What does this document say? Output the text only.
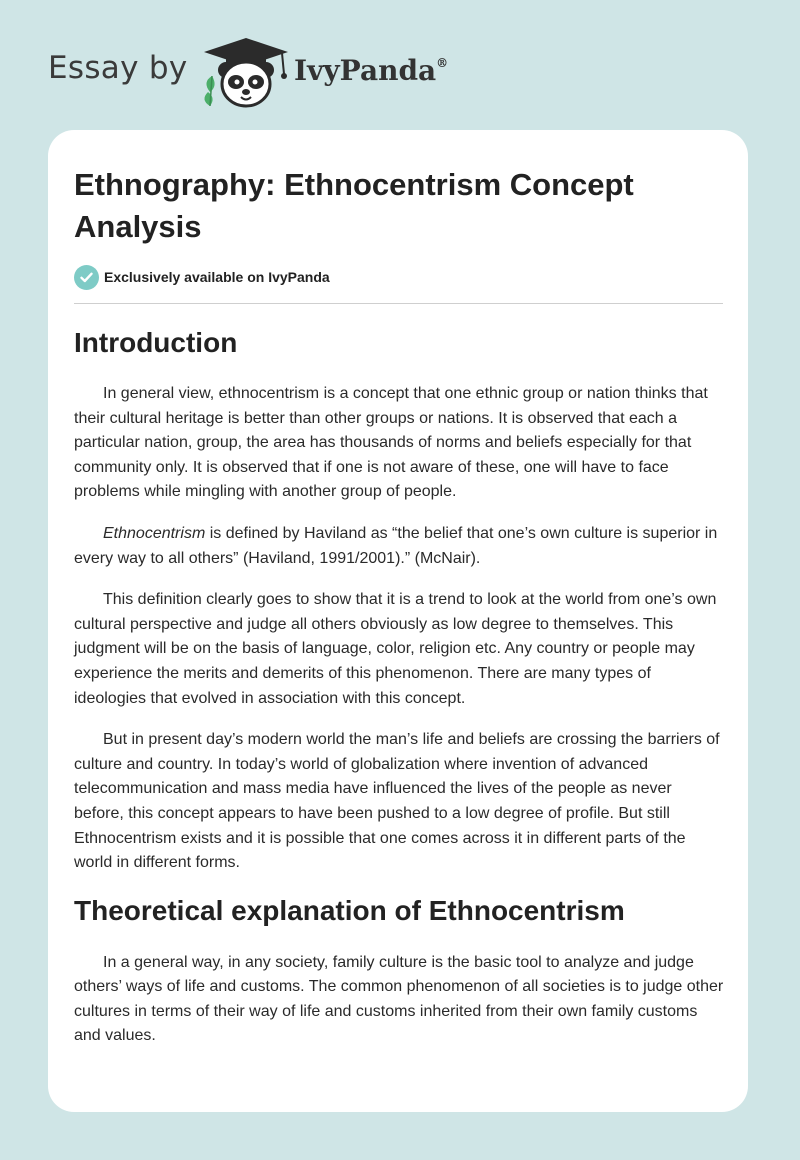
Essay by	IvyPanda®
Ethnography: Ethnocentrism Concept Analysis
Exclusively available on IvyPanda
Introduction

In general view, ethnocentrism is a concept that one ethnic group or nation thinks that their cultural heritage is better than other groups or nations. It is observed that each a particular nation, group, the area has thousands of norms and beliefs especially for that community only. It is observed that if one is not aware of these, one will have to face problems while mingling with another group of people.

Ethnocentrism is defined by Haviland as “the belief that one’s own culture is superior in every way to all others” (Haviland, 1991/2001).” (McNair).

This definition clearly goes to show that it is a trend to look at the world from one’s own cultural perspective and judge all others obviously as low degree to themselves. This judgment will be on the basis of language, color, religion etc. Any country or people may experience the merits and demerits of this phenomenon. There are many types of ideologies that evolved in association with this concept.

But in present day’s modern world the man’s life and beliefs are crossing the barriers of culture and country. In today’s world of globalization where invention of advanced telecommunication and mass media have influenced the lives of the people as never before, this concept appears to have been pushed to a low degree of profile. But still Ethnocentrism exists and it is possible that one comes across it in different parts of the world in different forms.

Theoretical explanation of Ethnocentrism

In a general way, in any society, family culture is the basic tool to analyze and judge others’ ways of life and customs. The common phenomenon of all societies is to judge other cultures in terms of their way of life and customs inherited from their own family customs and values.
